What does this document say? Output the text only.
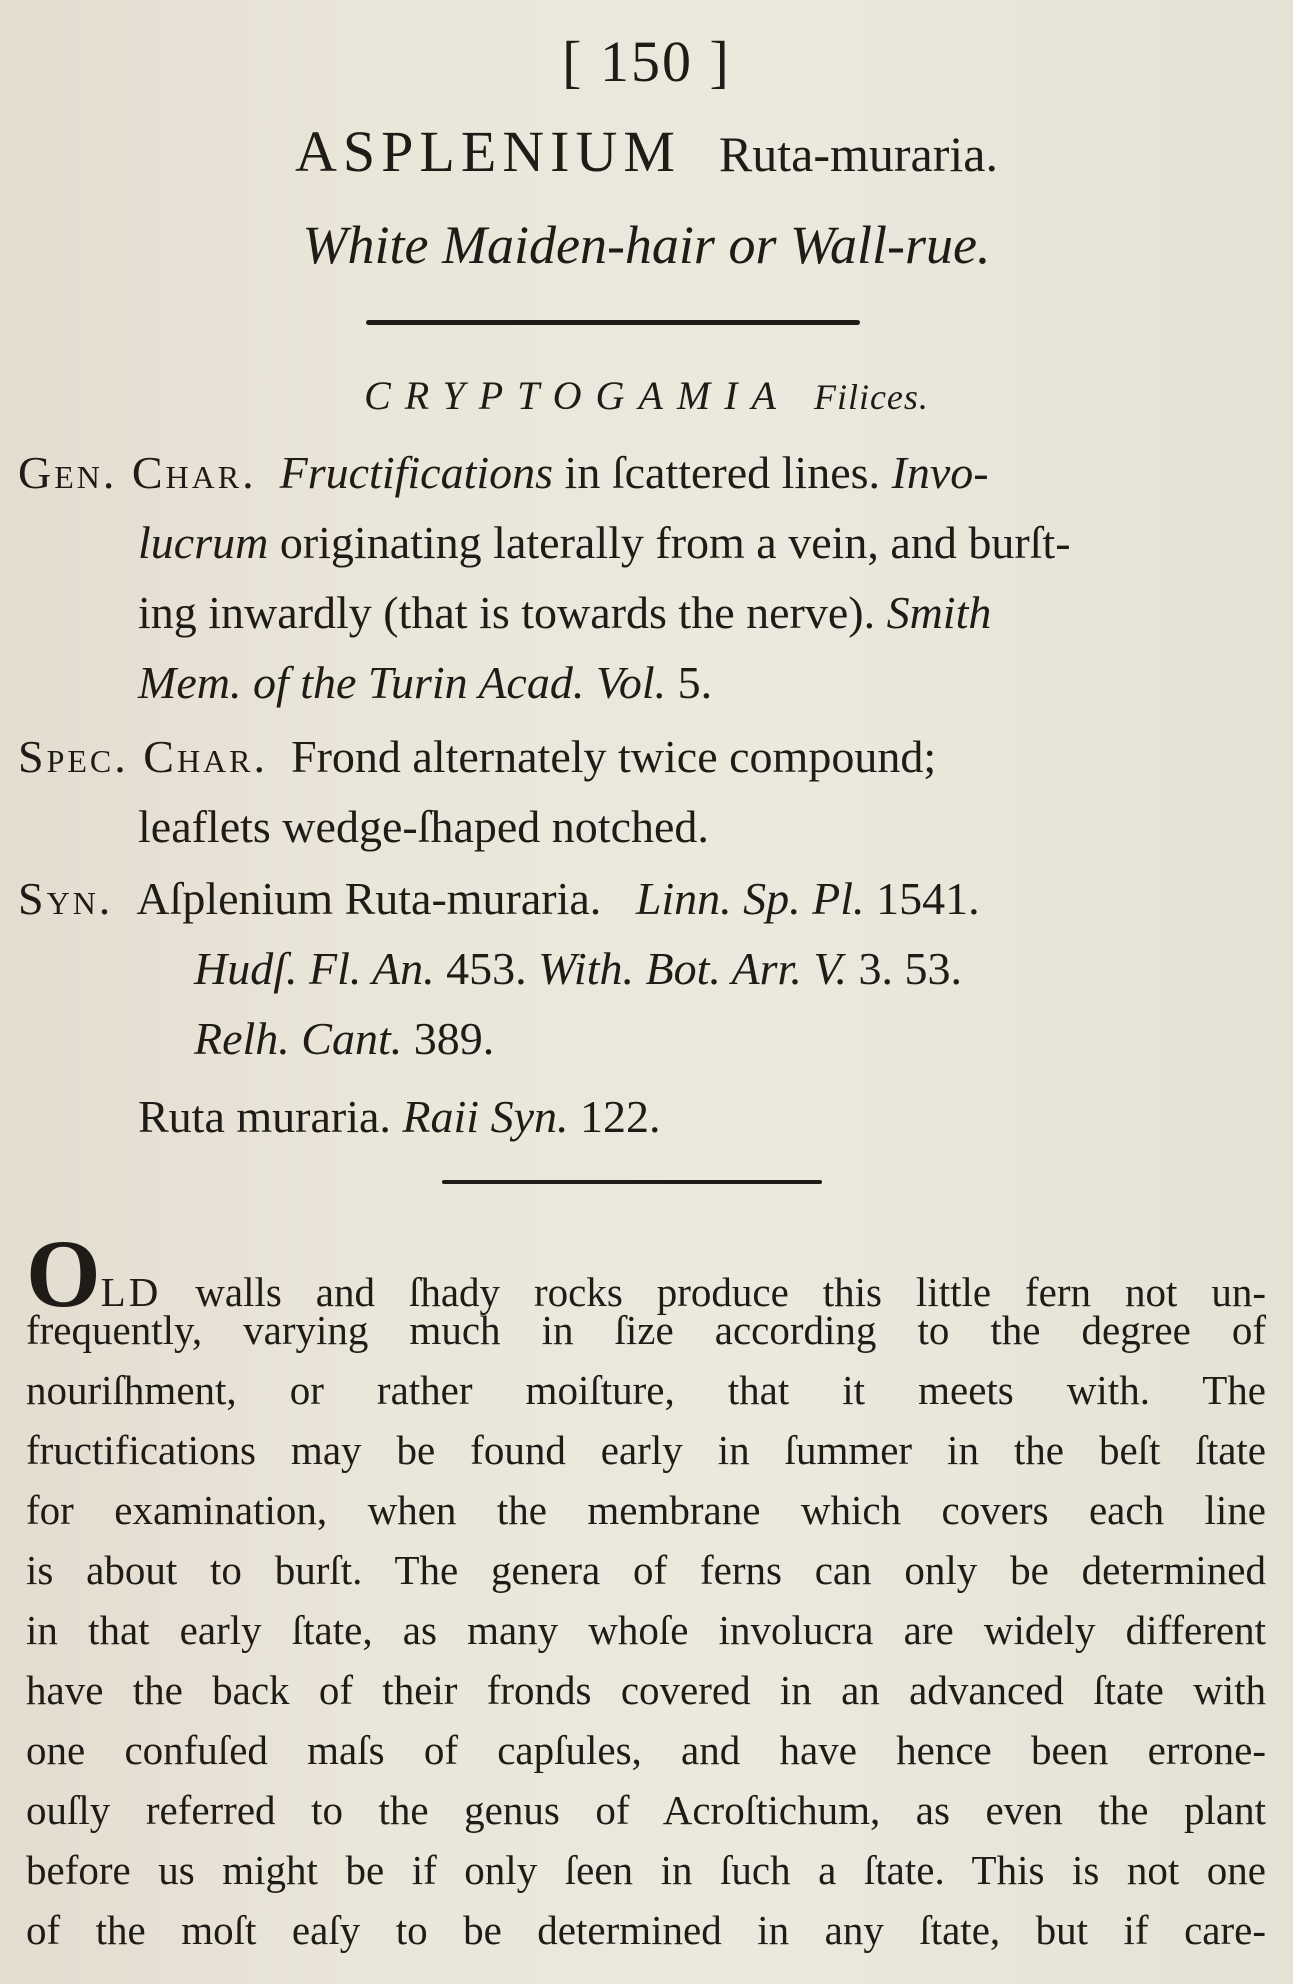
[ 150 ]
ASPLENIUM Ruta-muraria.
White Maiden-hair or Wall-rue.
CRYPTOGAMIA Filices.
Gen. Char. Fructifications in ſcattered lines. Invo-
lucrum originating laterally from a vein, and burſt-
ing inwardly (that is towards the nerve). Smith
Mem. of the Turin Acad. Vol. 5.
Spec. Char. Frond alternately twice compound;
leaflets wedge-ſhaped notched.
Syn. Aſplenium Ruta-muraria.   Linn. Sp. Pl. 1541.
Hudſ. Fl. An. 453. With. Bot. Arr. V. 3. 53.
Relh. Cant. 389.
Ruta muraria. Raii Syn. 122.
OLD walls and ſhady rocks produce this little fern not un-
frequently, varying much in ſize according to the degree of
nouriſhment, or rather moiſture, that it meets with. The
fructifications may be found early in ſummer in the beſt ſtate
for examination, when the membrane which covers each line
is about to burſt. The genera of ferns can only be determined
in that early ſtate, as many whoſe involucra are widely different
have the back of their fronds covered in an advanced ſtate with
one confuſed maſs of capſules, and have hence been errone-
ouſly referred to the genus of Acroſtichum, as even the plant
before us might be if only ſeen in ſuch a ſtate. This is not one
of the moſt eaſy to be determined in any ſtate, but if care-
